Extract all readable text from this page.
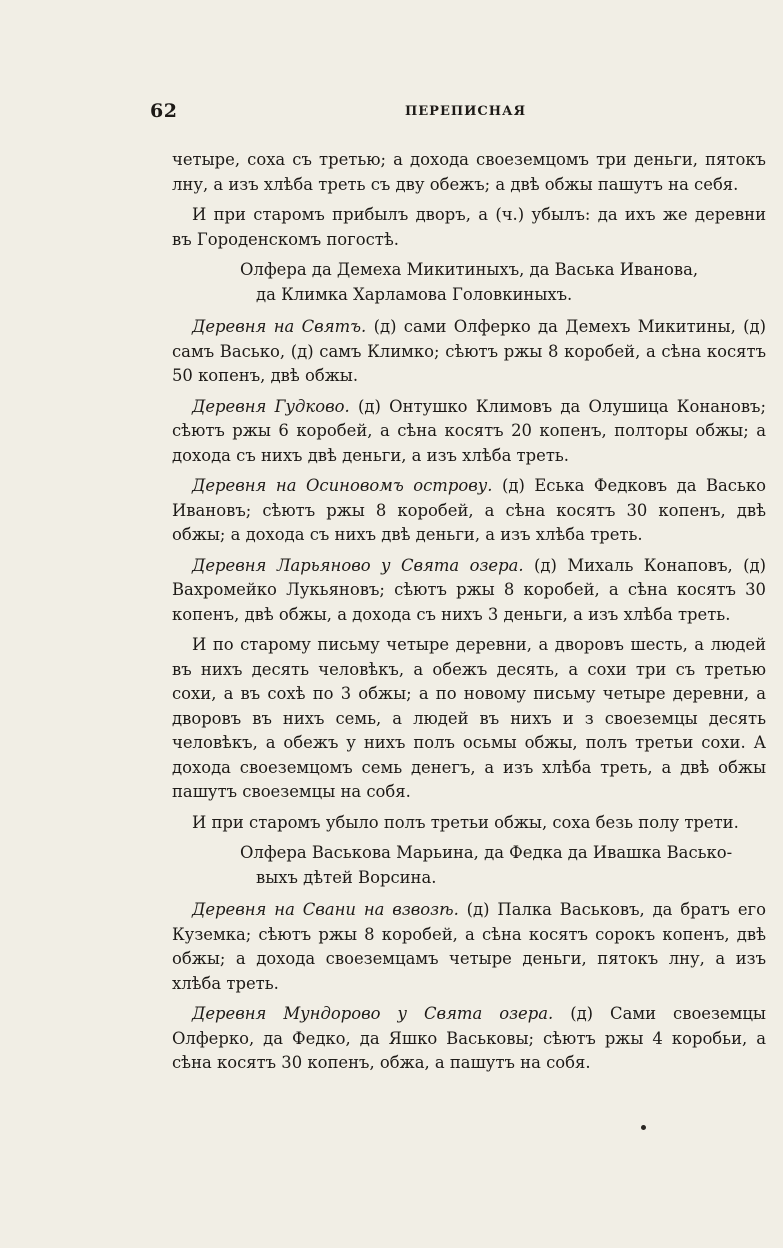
62	ПЕРЕПИСНАЯ

четыре, соха съ третью; а дохода своеземцомъ три деньги, пятокъ лну, а изъ хлѣба треть съ дву обежъ; а двѣ обжы пашутъ на себя.

И при старомъ прибылъ дворъ, а (ч.) убылъ: да ихъ же деревни въ Городенскомъ погостѣ.

Олфера да Демеха Микитиныхъ, да Васька Иванова,
да Климка Харламова Головкиныхъ.

Деревня на Святъ. (д) сами Олферко да Демехъ Микитины, (д) самъ Васько, (д) самъ Климко; сѣютъ ржы 8 коробей, а сѣна косятъ 50 копенъ, двѣ обжы.

Деревня Гудково. (д) Онтушко Климовъ да Олушица Конановъ; сѣютъ ржы 6 коробей, а сѣна косятъ 20 копенъ, полторы обжы; а дохода съ нихъ двѣ деньги, а изъ хлѣба треть.

Деревня на Осиновомъ острову. (д) Еська Федковъ да Васько Ивановъ; сѣютъ ржы 8 коробей, а сѣна косятъ 30 копенъ, двѣ обжы; а дохода съ нихъ двѣ деньги, а изъ хлѣба треть.

Деревня Ларьяново у Свята озера. (д) Михаль Конаповъ, (д) Вахромейко Лукьяновъ; сѣютъ ржы 8 коробей, а сѣна косятъ 30 копенъ, двѣ обжы, а дохода съ нихъ 3 деньги, а изъ хлѣба треть.

И по старому письму четыре деревни, а дворовъ шесть, а людей въ нихъ десять человѣкъ, а обежъ десять, а сохи три съ третью сохи, а въ сохѣ по 3 обжы; а по новому письму четыре деревни, а дворовъ въ нихъ семь, а людей въ нихъ и з своеземцы десять человѣкъ, а обежъ у нихъ полъ осьмы обжы, полъ третьи сохи. А дохода своеземцомъ семь денегъ, а изъ хлѣба треть, а двѣ обжы пашутъ своеземцы на собя.

И при старомъ убыло полъ третьи обжы, соха безь полу трети.

Олфера Васькова Марьина, да Федка да Ивашка Васько-
выхъ дѣтей Ворсина.

Деревня на Свани на взвозѣ. (д) Палка Васьковъ, да братъ его Куземка; сѣютъ ржы 8 коробей, а сѣна косятъ сорокъ копенъ, двѣ обжы; а дохода своеземцамъ четыре деньги, пятокъ лну, а изъ хлѣба треть.

Деревня Мундорово у Свята озера. (д) Сами своеземцы Олферко, да Федко, да Яшко Васьковы; сѣютъ ржы 4 коробьи, а сѣна косятъ 30 копенъ, обжа, а пашутъ на собя.
